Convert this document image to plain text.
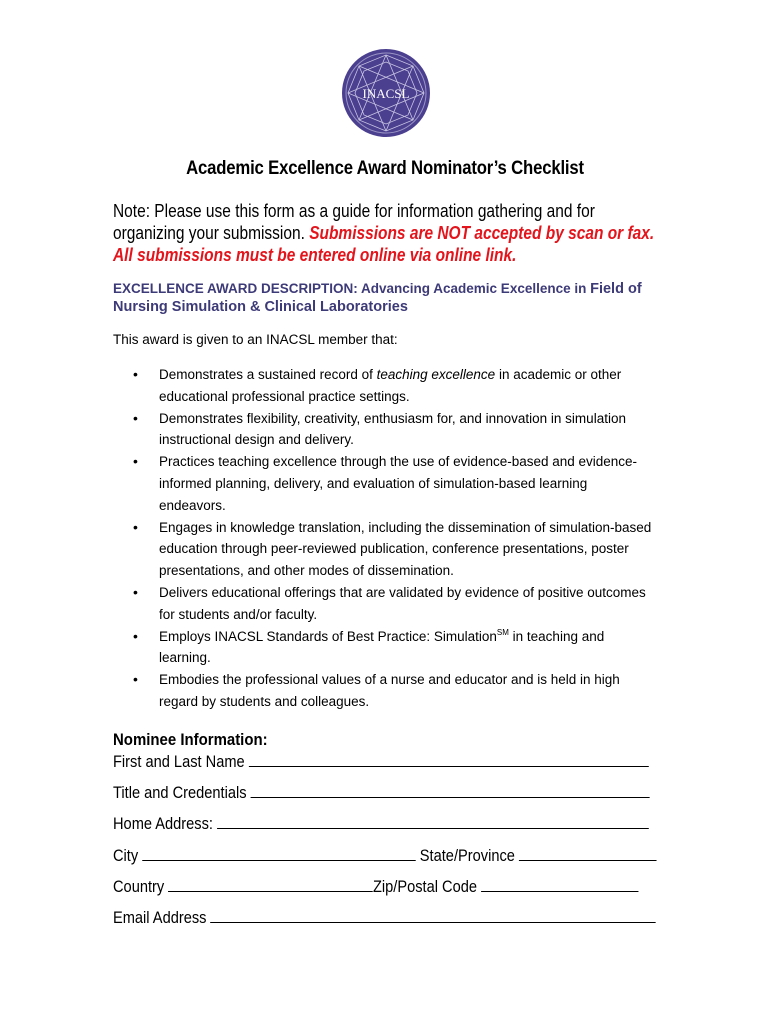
INACSL
Academic Excellence Award Nominator’s Checklist
Note: Please use this form as a guide for information gathering and for organizing your submission. Submissions are NOT accepted by scan or fax. All submissions must be entered online via online link.
EXCELLENCE AWARD DESCRIPTION: Advancing Academic Excellence in Field of Nursing Simulation & Clinical Laboratories
This award is given to an INACSL member that:
• Demonstrates a sustained record of teaching excellence in academic or other educational professional practice settings.
• Demonstrates flexibility, creativity, enthusiasm for, and innovation in simulation instructional design and delivery.
• Practices teaching excellence through the use of evidence-based and evidence-informed planning, delivery, and evaluation of simulation-based learning endeavors.
• Engages in knowledge translation, including the dissemination of simulation-based education through peer-reviewed publication, conference presentations, poster presentations, and other modes of dissemination.
• Delivers educational offerings that are validated by evidence of positive outcomes for students and/or faculty.
• Employs INACSL Standards of Best Practice: Simulation℠ in teaching and learning.
• Embodies the professional values of a nurse and educator and is held in high regard by students and colleagues.
Nominee Information:
First and Last Name
Title and Credentials
Home Address:
City	State/Province
Country	Zip/Postal Code
Email Address
